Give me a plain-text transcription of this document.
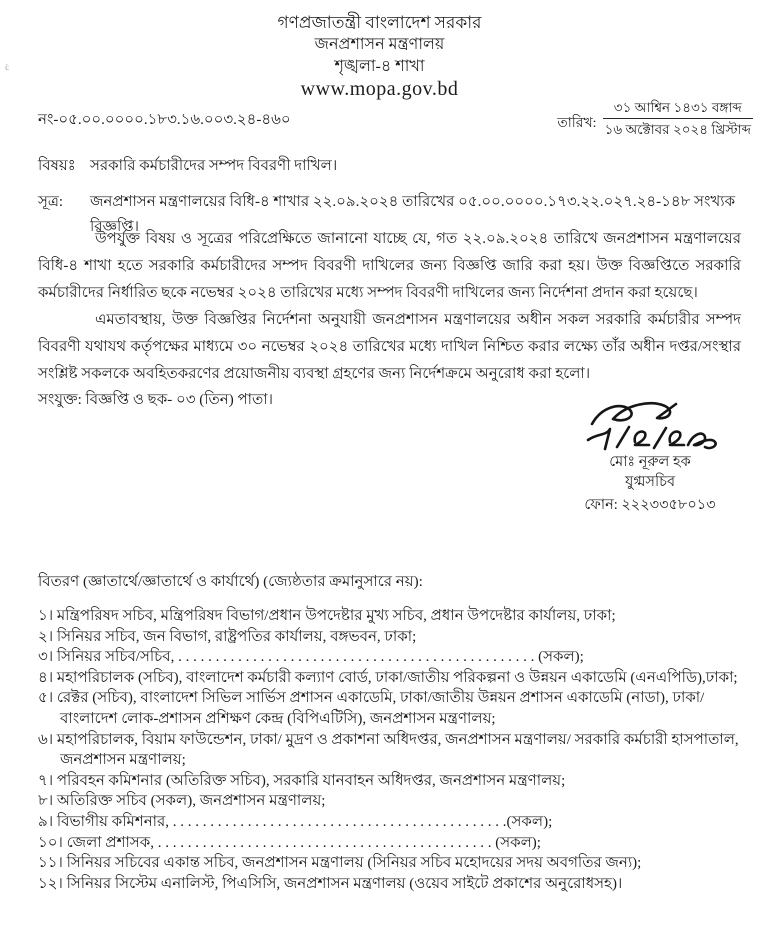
ċ
গণপ্রজাতন্ত্রী বাংলাদেশ সরকার
জনপ্রশাসন মন্ত্রণালয়
শৃঙ্খলা-৪ শাখা
www.mopa.gov.bd
নং-০৫.০০.০০০০.১৮৩.১৬.০০৩.২৪-৪৬০	তারিখ:
৩১ আশ্বিন ১৪৩১ বঙ্গাব্দ
১৬ অক্টোবর ২০২৪ খ্রিস্টাব্দ
বিষয়ঃ সরকারি কর্মচারীদের সম্পদ বিবরণী দাখিল।
সূত্র:	জনপ্রশাসন মন্ত্রণালয়ের বিধি-৪ শাখার ২২.০৯.২০২৪ তারিখের ০৫.০০.০০০০.১৭৩.২২.০২৭.২৪-১৪৮ সংখ্যক বিজ্ঞপ্তি।
উপর্যুক্ত বিষয় ও সূত্রের পরিপ্রেক্ষিতে জানানো যাচ্ছে যে, গত ২২.০৯.২০২৪ তারিখে জনপ্রশাসন মন্ত্রণালয়ের বিধি-৪ শাখা হতে সরকারি কর্মচারীদের সম্পদ বিবরণী দাখিলের জন্য বিজ্ঞপ্তি জারি করা হয়। উক্ত বিজ্ঞপ্তিতে সরকারি কর্মচারীদের নির্ধারিত ছকে নভেম্বর ২০২৪ তারিখের মধ্যে সম্পদ বিবরণী দাখিলের জন্য নির্দেশনা প্রদান করা হয়েছে।
এমতাবস্থায়, উক্ত বিজ্ঞপ্তির নির্দেশনা অনুযায়ী জনপ্রশাসন মন্ত্রণালয়ের অধীন সকল সরকারি কর্মচারীর সম্পদ বিবরণী যথাযথ কর্তৃপক্ষের মাধ্যমে ৩০ নভেম্বর ২০২৪ তারিখের মধ্যে দাখিল নিশ্চিত করার লক্ষ্যে তাঁর অধীন দপ্তর/সংস্থার সংশ্লিষ্ট সকলকে অবহিতকরণের প্রয়োজনীয় ব্যবস্থা গ্রহণের জন্য নির্দেশক্রমে অনুরোধ করা হলো।
সংযুক্ত: বিজ্ঞপ্তি ও ছক- ০৩ (তিন) পাতা।
মোঃ নূরুল হক
যুগ্মসচিব
ফোন: ২২২৩৩৫৮০১৩
বিতরণ (জ্ঞাতার্থে/জ্ঞাতার্থে ও কার্যার্থে) (জ্যেষ্ঠতার ক্রমানুসারে নয়):
১। মন্ত্রিপরিষদ সচিব, মন্ত্রিপরিষদ বিভাগ/প্রধান উপদেষ্টার মুখ্য সচিব, প্রধান উপদেষ্টার কার্যালয়, ঢাকা;
২। সিনিয়র সচিব, জন বিভাগ, রাষ্ট্রপতির কার্যালয়, বঙ্গভবন, ঢাকা;
৩। সিনিয়র সচিব/সচিব, . . . . . . . . . . . . . . . . . . . . . . . . . . . . . . . . . . . . . . . . . . . . . . . . (সকল);
৪। মহাপরিচালক (সচিব), বাংলাদেশ কর্মচারী কল্যাণ বোর্ড, ঢাকা/জাতীয় পরিকল্পনা ও উন্নয়ন একাডেমি (এনএপিডি),ঢাকা;
৫। রেক্টর (সচিব), বাংলাদেশ সিভিল সার্ভিস প্রশাসন একাডেমি, ঢাকা/জাতীয় উন্নয়ন প্রশাসন একাডেমি (নাডা), ঢাকা/বাংলাদেশ লোক-প্রশাসন প্রশিক্ষণ কেন্দ্র (বিপিএটিসি), জনপ্রশাসন মন্ত্রণালয়;
৬। মহাপরিচালক, বিয়াম ফাউন্ডেশন, ঢাকা/ মুদ্রণ ও প্রকাশনা অধিদপ্তর, জনপ্রশাসন মন্ত্রণালয়/ সরকারি কর্মচারী হাসপাতাল, জনপ্রশাসন মন্ত্রণালয়;
৭। পরিবহন কমিশনার (অতিরিক্ত সচিব), সরকারি যানবাহন অধিদপ্তর, জনপ্রশাসন মন্ত্রণালয়;
৮। অতিরিক্ত সচিব (সকল), জনপ্রশাসন মন্ত্রণালয়;
৯। বিভাগীয় কমিশনার, . . . . . . . . . . . . . . . . . . . . . . . . . . . . . . . . . . . . . . . . . . . . .(সকল);
১০। জেলা প্রশাসক, . . . . . . . . . . . . . . . . . . . . . . . . . . . . . . . . . . . . . . . . . . . . . (সকল);
১১। সিনিয়র সচিবের একান্ত সচিব, জনপ্রশাসন মন্ত্রণালয় (সিনিয়র সচিব মহোদয়ের সদয় অবগতির জন্য);
১২। সিনিয়র সিস্টেম এনালিস্ট, পিএসিসি, জনপ্রশাসন মন্ত্রণালয় (ওয়েব সাইটে প্রকাশের অনুরোধসহ)।
